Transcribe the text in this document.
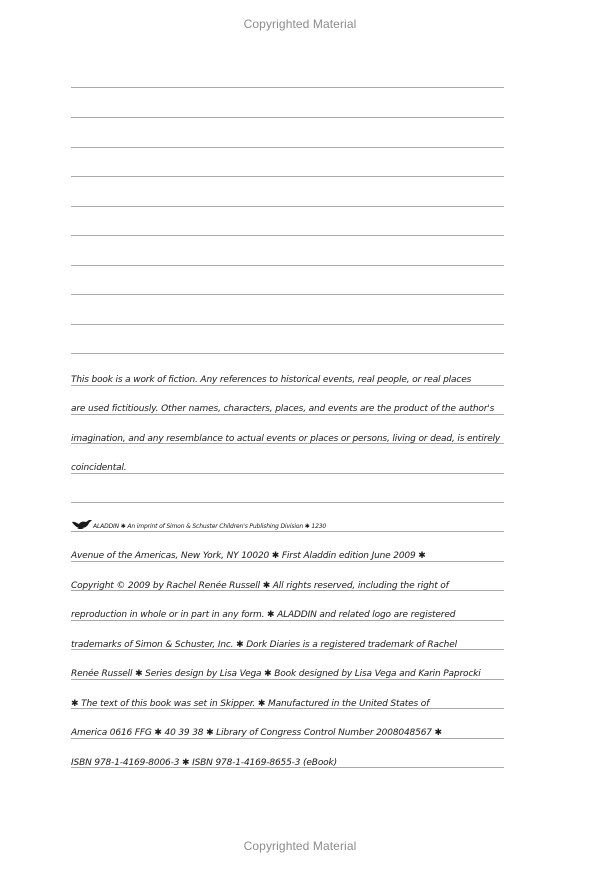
Copyrighted Material
This book is a work of fiction. Any references to historical events, real people, or real places
are used fictitiously. Other names, characters, places, and events are the product of the author's
imagination, and any resemblance to actual events or places or persons, living or dead, is entirely
coincidental.
ALADDIN ✱ An imprint of Simon & Schuster Children's Publishing Division ✱ 1230
Avenue of the Americas, New York, NY 10020 ✱ First Aladdin edition June 2009 ✱
Copyright © 2009 by Rachel Renée Russell ✱ All rights reserved, including the right of
reproduction in whole or in part in any form. ✱ ALADDIN and related logo are registered
trademarks of Simon & Schuster, Inc. ✱ Dork Diaries is a registered trademark of Rachel
Renée Russell ✱ Series design by Lisa Vega ✱ Book designed by Lisa Vega and Karin Paprocki
✱ The text of this book was set in Skipper. ✱ Manufactured in the United States of
America 0616 FFG ✱ 40 39 38 ✱ Library of Congress Control Number 2008048567 ✱
ISBN 978-1-4169-8006-3 ✱ ISBN 978-1-4169-8655-3 (eBook)
Copyrighted Material
